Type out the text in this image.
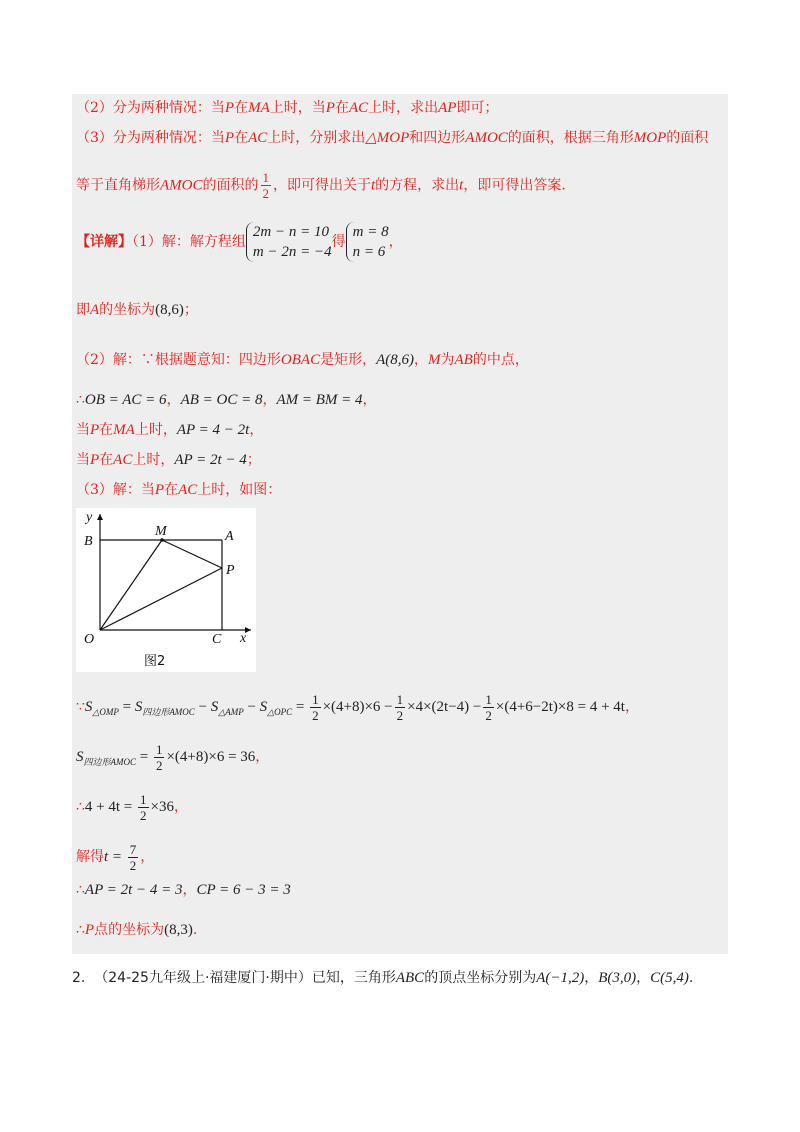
（2）分为两种情况：当P在MA上时，当P在AC上时，求出AP即可；
（3）分为两种情况：当P在AC上时，分别求出△MOP和四边形AMOC的面积，根据三角形MOP的面积
等于直角梯形AMOC的面积的 $\frac{1}{2}$ ，即可得出关于t的方程，求出t，即可得出答案.
【详解】（1）解：解方程组
2m − n = 10
m − 2n = −4
得
m = 8
n = 6
，
即A的坐标为(8,6)；
（2）解：∵根据题意知：四边形OBAC是矩形，A(8,6)，M为AB的中点，
∴OB = AC = 6，AB = OC = 8，AM = BM = 4，
当P在MA上时，AP = 4 − 2t，
当P在AC上时，AP = 2t − 4；
（3）解：当P在AC上时，如图：
y
x
B
M	A
P
O	C
图2
$\because S_{\triangle OMP} = S_{四边形AMOC} - S_{\triangle AMP} - S_{\triangle OPC} = \frac{1}{2} \times(4+8)\times 6 - \frac{1}{2} \times 4\times(2t-4) - \frac{1}{2} \times(4+6-2t)\times 8 = 4 + 4t$，
$S_{四边形AMOC} = \frac{1}{2} \times(4+8)\times 6 = 36$，
∴4 + $4t = \frac{1}{2} \times 36$，
解得$t = \frac{7}{2}$ ，
∴AP = 2t − 4 = 3，CP = 6 − 3 = 3
∴P点的坐标为(8,3).
2. （24-25九年级上·福建厦门·期中）已知，三角形ABC的顶点坐标分别为A(−1,2)，B(3,0)，C(5,4).
